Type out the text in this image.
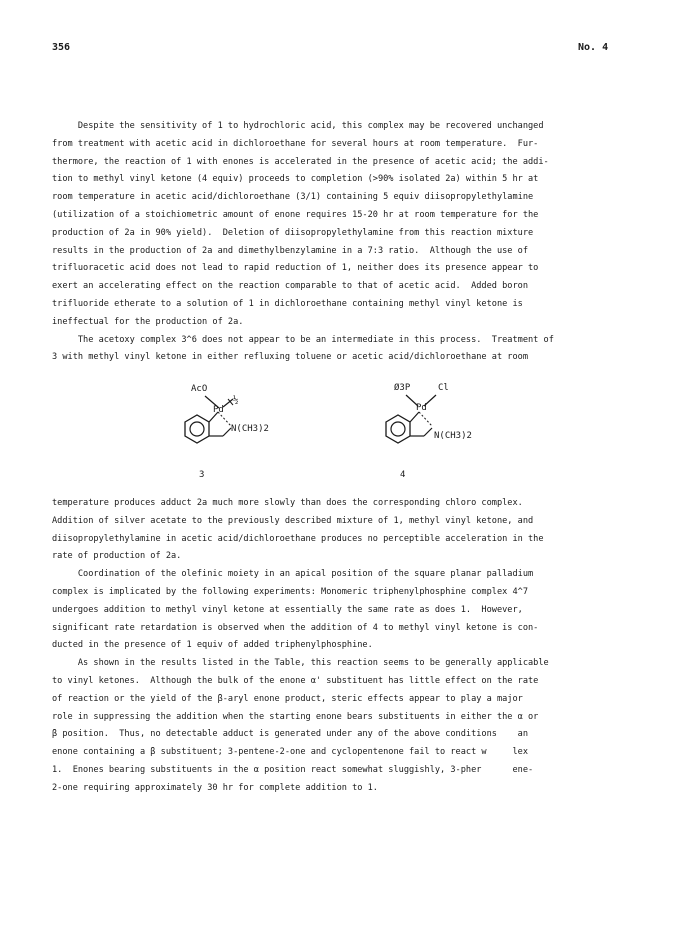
356	No. 4

Despite the sensitivity of 1 to hydrochloric acid, this complex may be recovered unchanged

from treatment with acetic acid in dichloroethane for several hours at room temperature.  Fur-

thermore, the reaction of 1 with enones is accelerated in the presence of acetic acid; the addi-

tion to methyl vinyl ketone (4 equiv) proceeds to completion (>90% isolated 2a) within 5 hr at

room temperature in acetic acid/dichloroethane (3/1) containing 5 equiv diisopropylethylamine

(utilization of a stoichiometric amount of enone requires 15-20 hr at room temperature for the

production of 2a in 90% yield).  Deletion of diisopropylethylamine from this reaction mixture

results in the production of 2a and dimethylbenzylamine in a 7:3 ratio.  Although the use of

trifluoracetic acid does not lead to rapid reduction of 1, neither does its presence appear to

exert an accelerating effect on the reaction comparable to that of acetic acid.  Added boron

trifluoride etherate to a solution of 1 in dichloroethane containing methyl vinyl ketone is

ineffectual for the production of 2a.

The acetoxy complex 3^6 does not appear to be an intermediate in this process.  Treatment of

3 with methyl vinyl ketone in either refluxing toluene or acetic acid/dichloroethane at room

AcO
½
Pd
N(CH3)2
3
Ø3P	Cl
Pd
N(CH3)2
4

temperature produces adduct 2a much more slowly than does the corresponding chloro complex.

Addition of silver acetate to the previously described mixture of 1, methyl vinyl ketone, and

diisopropylethylamine in acetic acid/dichloroethane produces no perceptible acceleration in the

rate of production of 2a.

Coordination of the olefinic moiety in an apical position of the square planar palladium

complex is implicated by the following experiments: Monomeric triphenylphosphine complex 4^7

undergoes addition to methyl vinyl ketone at essentially the same rate as does 1.  However,

significant rate retardation is observed when the addition of 4 to methyl vinyl ketone is con-

ducted in the presence of 1 equiv of added triphenylphosphine.

As shown in the results listed in the Table, this reaction seems to be generally applicable

to vinyl ketones.  Although the bulk of the enone α' substituent has little effect on the rate

of reaction or the yield of the β-aryl enone product, steric effects appear to play a major

role in suppressing the addition when the starting enone bears substituents in either the α or

β position.  Thus, no detectable adduct is generated under any of the above conditions    an

enone containing a β substituent; 3-pentene-2-one and cyclopentenone fail to react w     lex

1.  Enones bearing substituents in the α position react somewhat sluggishly, 3-pher      ene-

2-one requiring approximately 30 hr for complete addition to 1.
